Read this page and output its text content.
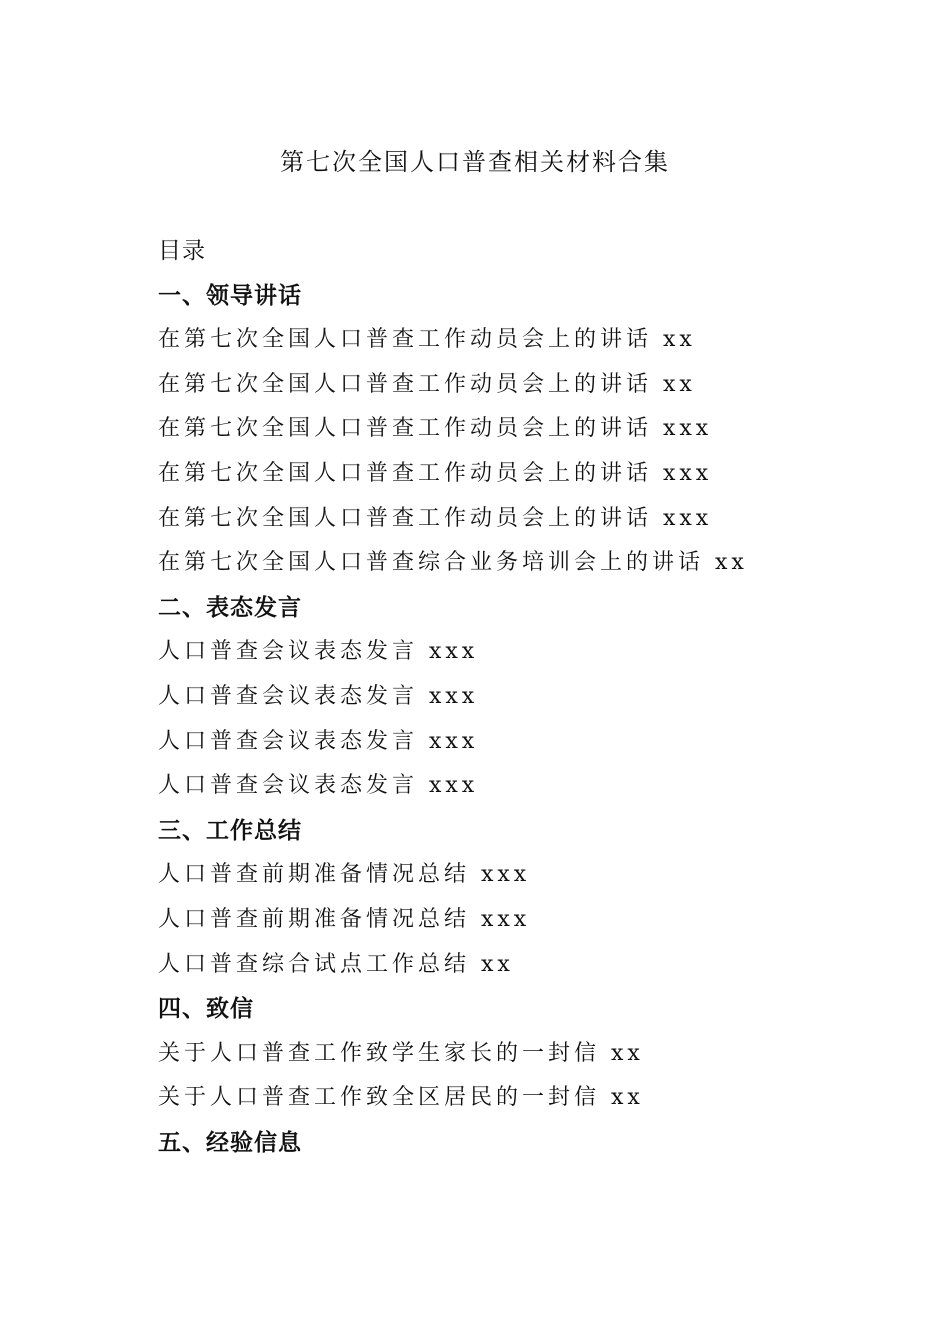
第七次全国人口普查相关材料合集
目录
一、领导讲话
在第七次全国人口普查工作动员会上的讲话 xx
在第七次全国人口普查工作动员会上的讲话 xx
在第七次全国人口普查工作动员会上的讲话 xxx
在第七次全国人口普查工作动员会上的讲话 xxx
在第七次全国人口普查工作动员会上的讲话 xxx
在第七次全国人口普查综合业务培训会上的讲话 xx
二、表态发言
人口普查会议表态发言 xxx
人口普查会议表态发言 xxx
人口普查会议表态发言 xxx
人口普查会议表态发言 xxx
三、工作总结
人口普查前期准备情况总结 xxx
人口普查前期准备情况总结 xxx
人口普查综合试点工作总结 xx
四、致信
关于人口普查工作致学生家长的一封信 xx
关于人口普查工作致全区居民的一封信 xx
五、经验信息
